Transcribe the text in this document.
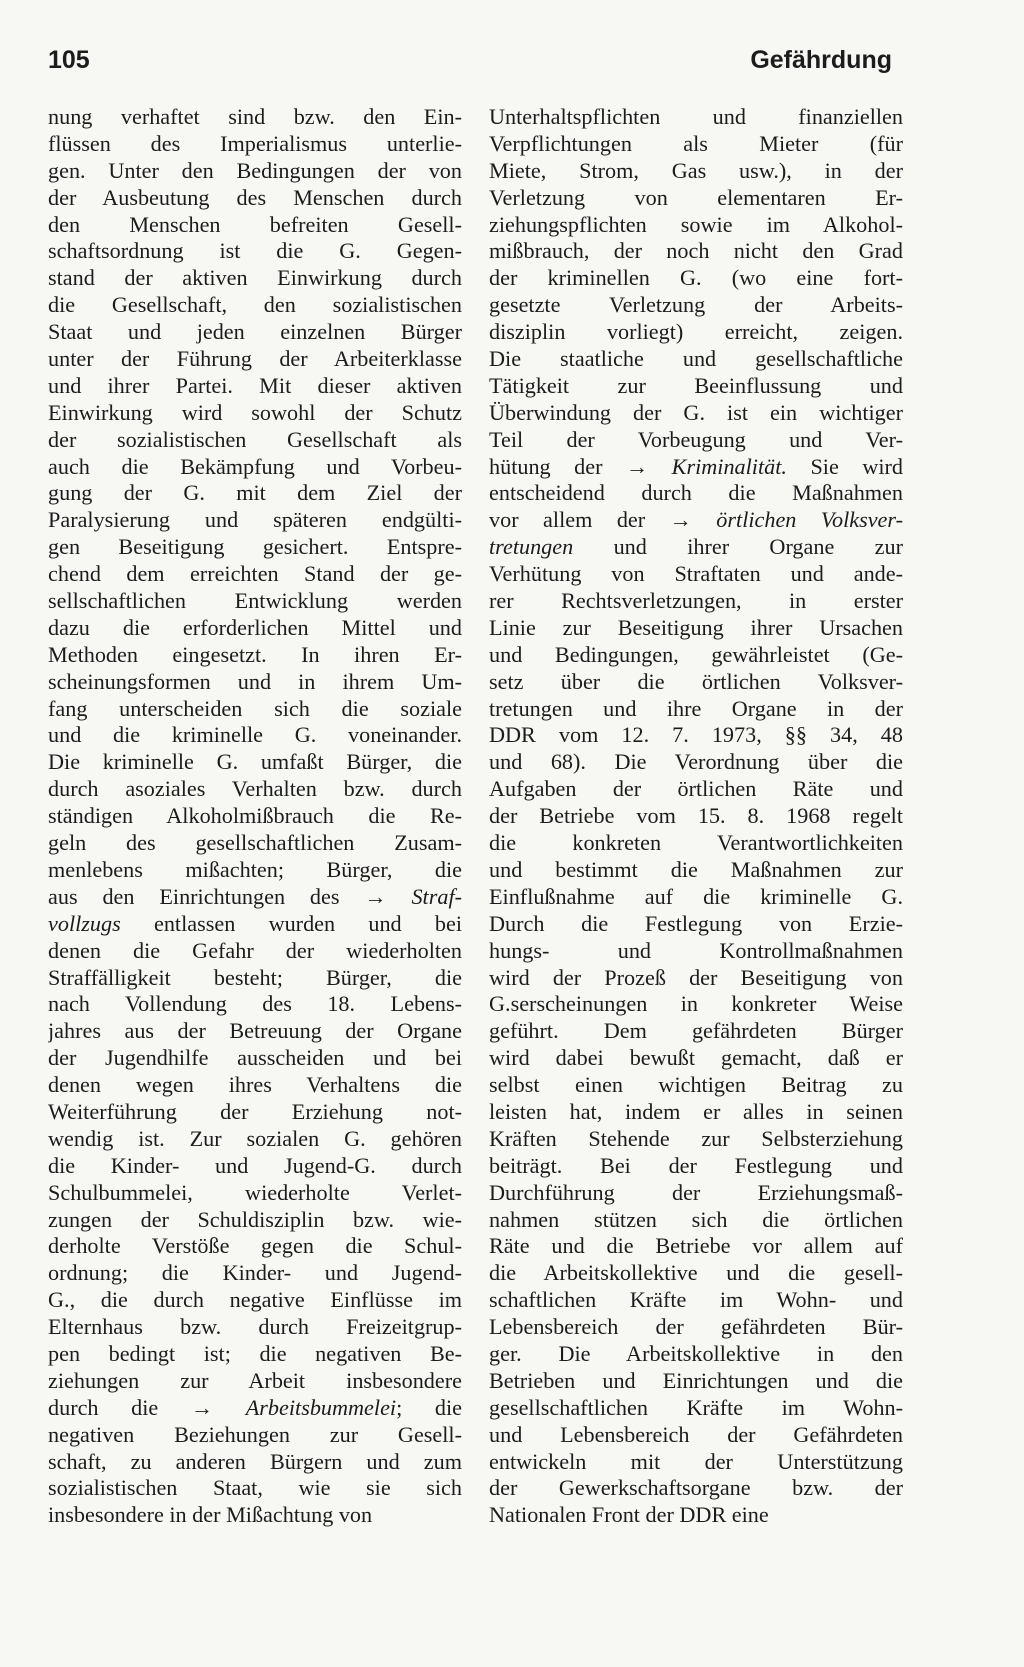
105	Gefährdung
nung verhaftet sind bzw. den Ein-
flüssen des Imperialismus unterlie-
gen. Unter den Bedingungen der von
der Ausbeutung des Menschen durch
den Menschen befreiten Gesell-
schaftsordnung ist die G. Gegen-
stand der aktiven Einwirkung durch
die Gesellschaft, den sozialistischen
Staat und jeden einzelnen Bürger
unter der Führung der Arbeiterklasse
und ihrer Partei. Mit dieser aktiven
Einwirkung wird sowohl der Schutz
der sozialistischen Gesellschaft als
auch die Bekämpfung und Vorbeu-
gung der G. mit dem Ziel der
Paralysierung und späteren endgülti-
gen Beseitigung gesichert. Entspre-
chend dem erreichten Stand der ge-
sellschaftlichen Entwicklung werden
dazu die erforderlichen Mittel und
Methoden eingesetzt. In ihren Er-
scheinungsformen und in ihrem Um-
fang unterscheiden sich die soziale
und die kriminelle G. voneinander.
Die kriminelle G. umfaßt Bürger, die
durch asoziales Verhalten bzw. durch
ständigen Alkoholmißbrauch die Re-
geln des gesellschaftlichen Zusam-
menlebens mißachten; Bürger, die
aus den Einrichtungen des → Straf-
vollzugs entlassen wurden und bei
denen die Gefahr der wiederholten
Straffälligkeit besteht; Bürger, die
nach Vollendung des 18. Lebens-
jahres aus der Betreuung der Organe
der Jugendhilfe ausscheiden und bei
denen wegen ihres Verhaltens die
Weiterführung der Erziehung not-
wendig ist. Zur sozialen G. gehören
die Kinder- und Jugend-G. durch
Schulbummelei, wiederholte Verlet-
zungen der Schuldisziplin bzw. wie-
derholte Verstöße gegen die Schul-
ordnung; die Kinder- und Jugend-
G., die durch negative Einflüsse im
Elternhaus bzw. durch Freizeitgrup-
pen bedingt ist; die negativen Be-
ziehungen zur Arbeit insbesondere
durch die → Arbeitsbummelei; die
negativen Beziehungen zur Gesell-
schaft, zu anderen Bürgern und zum
sozialistischen Staat, wie sie sich
insbesondere in der Mißachtung von
Unterhaltspflichten und finanziellen
Verpflichtungen als Mieter (für
Miete, Strom, Gas usw.), in der
Verletzung von elementaren Er-
ziehungspflichten sowie im Alkohol-
mißbrauch, der noch nicht den Grad
der kriminellen G. (wo eine fort-
gesetzte Verletzung der Arbeits-
disziplin vorliegt) erreicht, zeigen.
Die staatliche und gesellschaftliche
Tätigkeit zur Beeinflussung und
Überwindung der G. ist ein wichtiger
Teil der Vorbeugung und Ver-
hütung der → Kriminalität. Sie wird
entscheidend durch die Maßnahmen
vor allem der → örtlichen Volksver-
tretungen und ihrer Organe zur
Verhütung von Straftaten und ande-
rer Rechtsverletzungen, in erster
Linie zur Beseitigung ihrer Ursachen
und Bedingungen, gewährleistet (Ge-
setz über die örtlichen Volksver-
tretungen und ihre Organe in der
DDR vom 12. 7. 1973, §§ 34, 48
und 68). Die Verordnung über die
Aufgaben der örtlichen Räte und
der Betriebe vom 15. 8. 1968 regelt
die konkreten Verantwortlichkeiten
und bestimmt die Maßnahmen zur
Einflußnahme auf die kriminelle G.
Durch die Festlegung von Erzie-
hungs- und Kontrollmaßnahmen
wird der Prozeß der Beseitigung von
G.serscheinungen in konkreter Weise
geführt. Dem gefährdeten Bürger
wird dabei bewußt gemacht, daß er
selbst einen wichtigen Beitrag zu
leisten hat, indem er alles in seinen
Kräften Stehende zur Selbsterziehung
beiträgt. Bei der Festlegung und
Durchführung der Erziehungsmaß-
nahmen stützen sich die örtlichen
Räte und die Betriebe vor allem auf
die Arbeitskollektive und die gesell-
schaftlichen Kräfte im Wohn- und
Lebensbereich der gefährdeten Bür-
ger. Die Arbeitskollektive in den
Betrieben und Einrichtungen und die
gesellschaftlichen Kräfte im Wohn-
und Lebensbereich der Gefährdeten
entwickeln mit der Unterstützung
der Gewerkschaftsorgane bzw. der
Nationalen Front der DDR eine
